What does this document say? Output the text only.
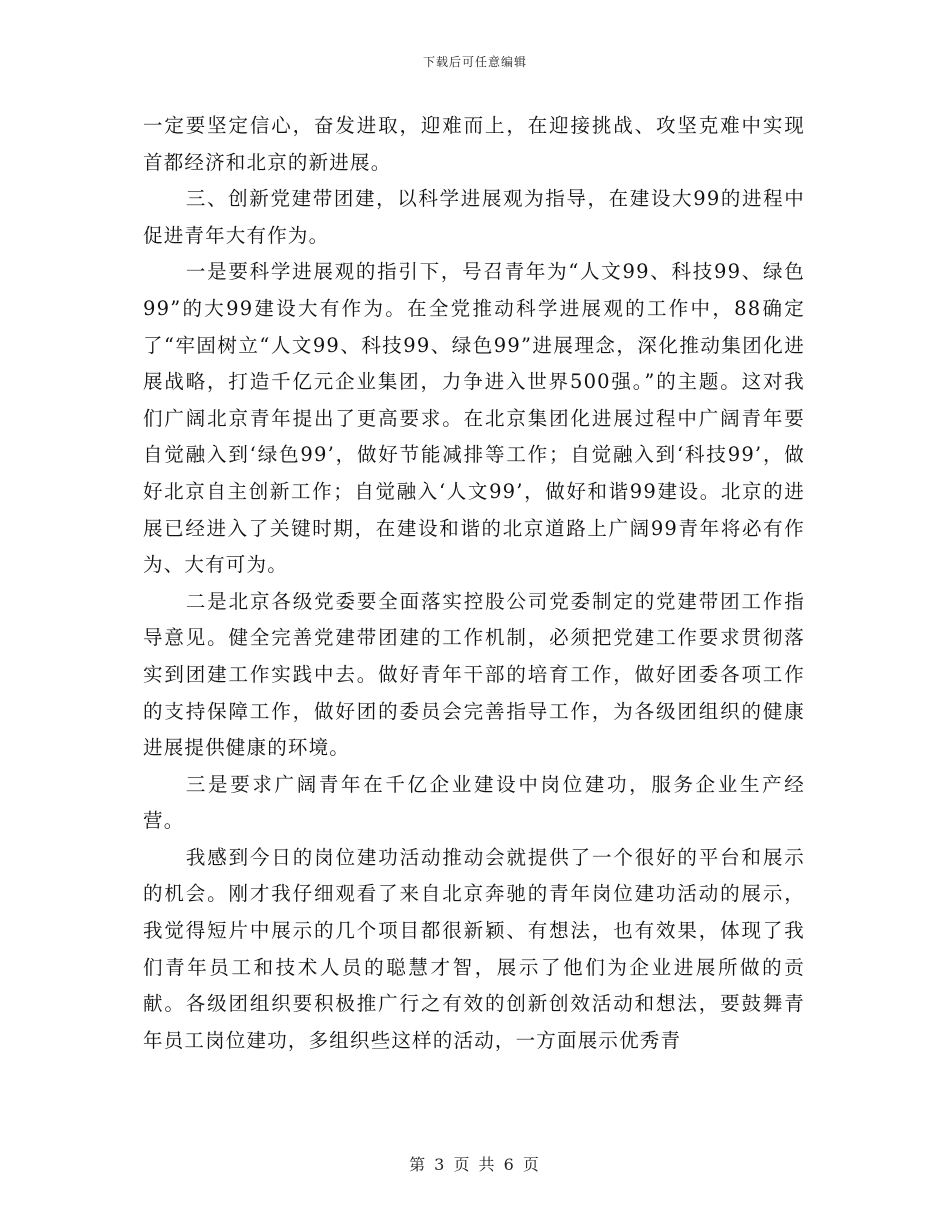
下载后可任意编辑

一定要坚定信心，奋发进取，迎难而上，在迎接挑战、攻坚克难中实现首都经济和北京的新进展。

三、创新党建带团建，以科学进展观为指导，在建设大99的进程中促进青年大有作为。

一是要科学进展观的指引下，号召青年为“人文99、科技99、绿色99”的大99建设大有作为。在全党推动科学进展观的工作中，88确定了“牢固树立“人文99、科技99、绿色99”进展理念，深化推动集团化进展战略，打造千亿元企业集团，力争进入世界500强。”的主题。这对我们广阔北京青年提出了更高要求。在北京集团化进展过程中广阔青年要自觉融入到‘绿色99’，做好节能减排等工作；自觉融入到‘科技99’，做好北京自主创新工作；自觉融入‘人文99’，做好和谐99建设。北京的进展已经进入了关键时期，在建设和谐的北京道路上广阔99青年将必有作为、大有可为。

二是北京各级党委要全面落实控股公司党委制定的党建带团工作指导意见。健全完善党建带团建的工作机制，必须把党建工作要求贯彻落实到团建工作实践中去。做好青年干部的培育工作，做好团委各项工作的支持保障工作，做好团的委员会完善指导工作，为各级团组织的健康进展提供健康的环境。

三是要求广阔青年在千亿企业建设中岗位建功，服务企业生产经营。

我感到今日的岗位建功活动推动会就提供了一个很好的平台和展示的机会。刚才我仔细观看了来自北京奔驰的青年岗位建功活动的展示，我觉得短片中展示的几个项目都很新颖、有想法，也有效果，体现了我们青年员工和技术人员的聪慧才智，展示了他们为企业进展所做的贡献。各级团组织要积极推广行之有效的创新创效活动和想法，要鼓舞青年员工岗位建功，多组织些这样的活动，一方面展示优秀青

第 3 页 共 6 页
